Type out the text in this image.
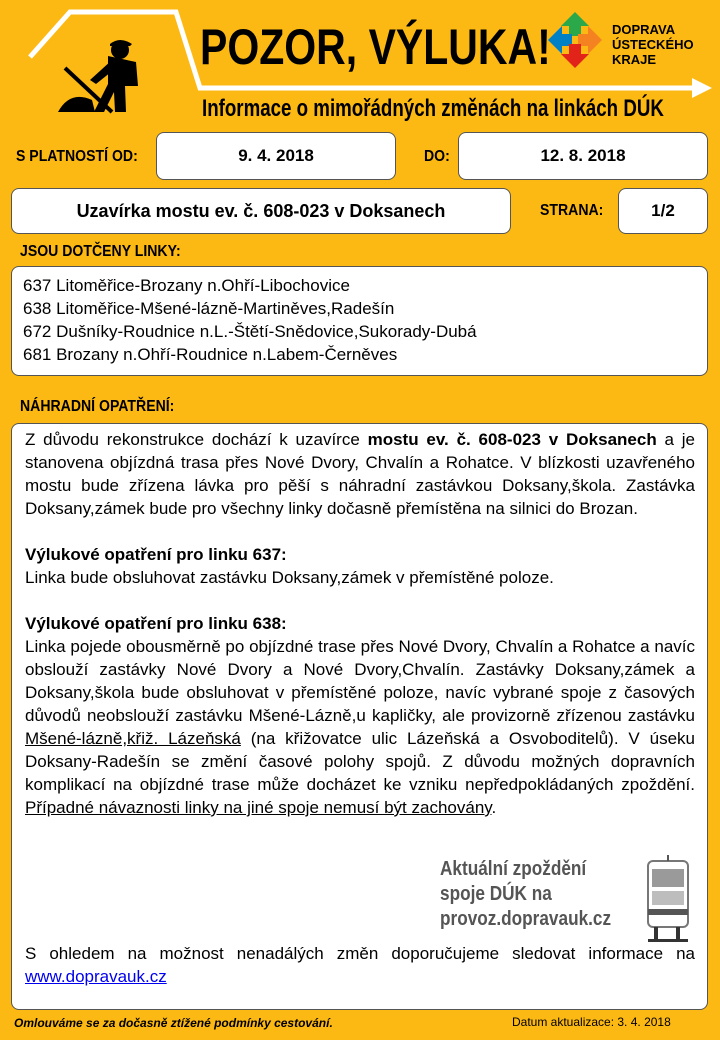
POZOR, VÝLUKA!
Informace o mimořádných změnách na linkách DÚK
DOPRAVA
ÚSTECKÉHO
KRAJE
S PLATNOSTÍ OD:	9. 4. 2018	DO:	12. 8. 2018
Uzavírka mostu ev. č. 608-023 v Doksanech	STRANA:	1/2
JSOU DOTČENY LINKY:
637 Litoměřice-Brozany n.Ohří-Libochovice
638 Litoměřice-Mšené-lázně-Martiněves,Radešín
672 Dušníky-Roudnice n.L.-Štětí-Snědovice,Sukorady-Dubá
681 Brozany n.Ohří-Roudnice n.Labem-Černěves
NÁHRADNÍ OPATŘENÍ:

Z důvodu rekonstrukce dochází k uzavírce mostu ev. č. 608-023 v Doksanech a je stanovena objízdná trasa přes Nové Dvory, Chvalín a Rohatce. V blízkosti uzavřeného mostu bude zřízena lávka pro pěší s náhradní zastávkou Doksany,škola. Zastávka Doksany,zámek bude pro všechny linky dočasně přemístěna na silnici do Brozan.

Výlukové opatření pro linku 637:

Linka bude obsluhovat zastávku Doksany,zámek v přemístěné poloze.

Výlukové opatření pro linku 638:

Linka pojede obousměrně po objízdné trase přes Nové Dvory, Chvalín a Rohatce a navíc obslouží zastávky Nové Dvory a Nové Dvory,Chvalín. Zastávky Doksany,zámek a Doksany,škola bude obsluhovat v přemístěné poloze, navíc vybrané spoje z časových důvodů neobslouží zastávku Mšené-Lázně,u kapličky, ale provizorně zřízenou zastávku Mšené-lázně,křiž. Lázeňská (na křižovatce ulic Lázeňská a Osvoboditelů). V úseku Doksany-Radešín se změní časové polohy spojů. Z důvodu možných dopravních komplikací na objízdné trase může docházet ke vzniku nepředpokládaných zpoždění. Případné návaznosti linky na jiné spoje nemusí být zachovány.

S ohledem na možnost nenadálých změn doporučujeme sledovat informace na www.dopravauk.cz

Aktuální zpoždění
spoje DÚK na
provoz.dopravauk.cz
Omlouváme se za dočasně ztížené podmínky cestování.	Datum aktualizace: 3. 4. 2018
